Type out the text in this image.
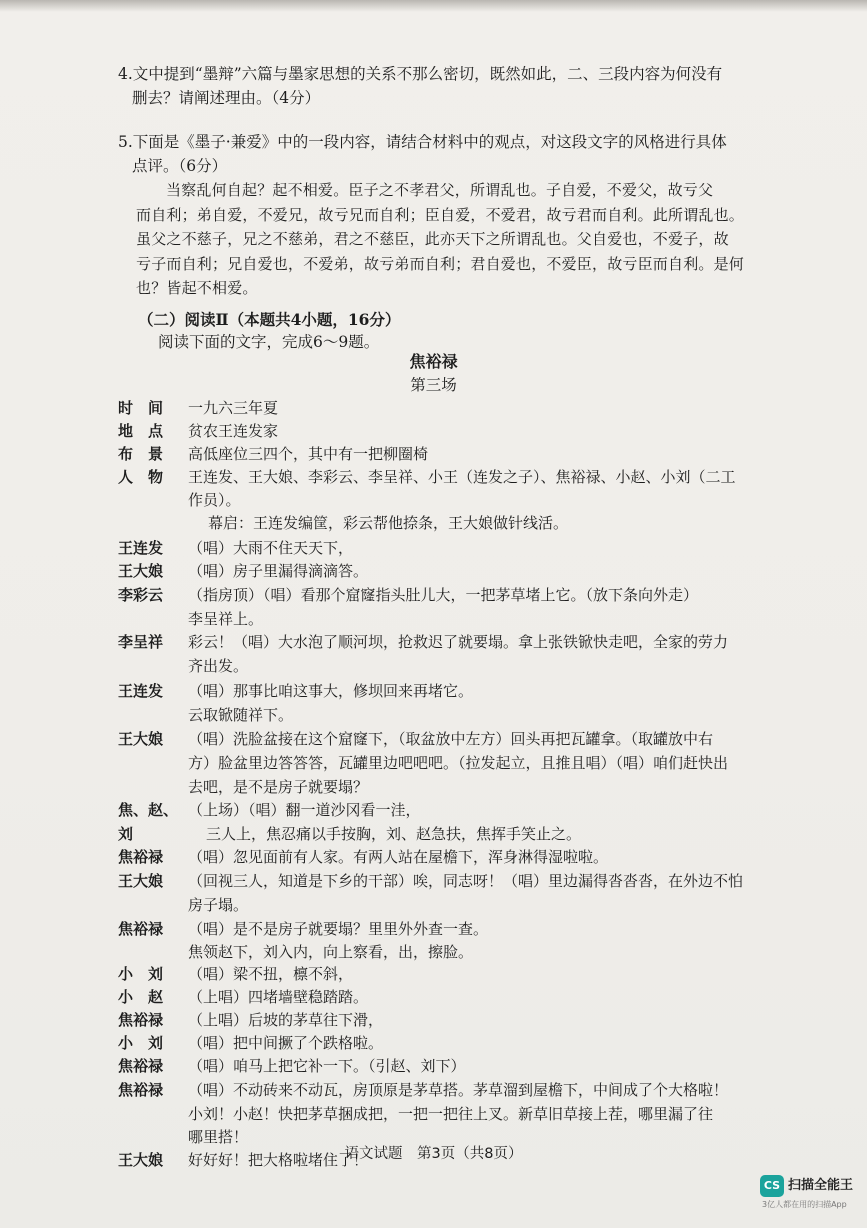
4.文中提到“墨辩”六篇与墨家思想的关系不那么密切，既然如此，二、三段内容为何没有
删去？请阐述理由。（4分）
5.下面是《墨子·兼爱》中的一段内容，请结合材料中的观点，对这段文字的风格进行具体
点评。（6分）

当察乱何自起？起不相爱。臣子之不孝君父，所谓乱也。子自爱，不爱父，故亏父

而自利；弟自爱，不爱兄，故亏兄而自利；臣自爱，不爱君，故亏君而自利。此所谓乱也。
虽父之不慈子，兄之不慈弟，君之不慈臣，此亦天下之所谓乱也。父自爱也，不爱子，故
亏子而自利；兄自爱也，不爱弟，故亏弟而自利；君自爱也，不爱臣，故亏臣而自利。是何
也？皆起不相爱。
（二）阅读Ⅱ（本题共4小题，16分）
阅读下面的文字，完成6～9题。
焦裕禄
第三场
时　间	一九六三年夏
地　点	贫农王连发家
布　景	高低座位三四个，其中有一把柳圈椅
人　物	王连发、王大娘、李彩云、李呈祥、小王（连发之子）、焦裕禄、小赵、小刘（二工
作员）。
幕启：王连发编筐，彩云帮他捺条，王大娘做针线活。
王连发	（唱）大雨不住天天下，
王大娘	（唱）房子里漏得滴滴答。
李彩云	（指房顶）（唱）看那个窟窿指头肚儿大，一把茅草堵上它。（放下条向外走）
李呈祥上。
李呈祥	彩云！（唱）大水泡了顺河坝，抢救迟了就要塌。拿上张铁锨快走吧，全家的劳力
齐出发。
王连发	（唱）那事比咱这事大，修坝回来再堵它。
云取锨随祥下。
王大娘	（唱）洗脸盆接在这个窟窿下，（取盆放中左方）回头再把瓦罐拿。（取罐放中右
方）脸盆里边答答答，瓦罐里边吧吧吧。（拉发起立，且推且唱）（唱）咱们赶快出
去吧，是不是房子就要塌？
焦、赵、刘
（上场）（唱）翻一道沙冈看一洼，
三人上，焦忍痛以手按胸，刘、赵急扶，焦挥手笑止之。
焦裕禄	（唱）忽见面前有人家。有两人站在屋檐下，浑身淋得湿啦啦。
王大娘	（回视三人，知道是下乡的干部）唉，同志呀！（唱）里边漏得沓沓沓，在外边不怕
房子塌。
焦裕禄	（唱）是不是房子就要塌？里里外外查一查。
焦领赵下，刘入内，向上察看，出，擦脸。
小　刘	（唱）梁不扭，檩不斜，
小　赵	（上唱）四堵墙壁稳踏踏。
焦裕禄	（上唱）后坡的茅草往下滑，
小　刘	（唱）把中间撅了个跌格啦。
焦裕禄	（唱）咱马上把它补一下。（引赵、刘下）
焦裕禄	（唱）不动砖来不动瓦，房顶原是茅草搭。茅草溜到屋檐下，中间成了个大格啦！
小刘！小赵！快把茅草捆成把，一把一把往上叉。新草旧草接上茬，哪里漏了往
哪里搭！
王大娘	好好好！把大格啦堵住了！
语文试题　第3页（共8页）
CS 扫描全能王
3亿人都在用的扫描App
